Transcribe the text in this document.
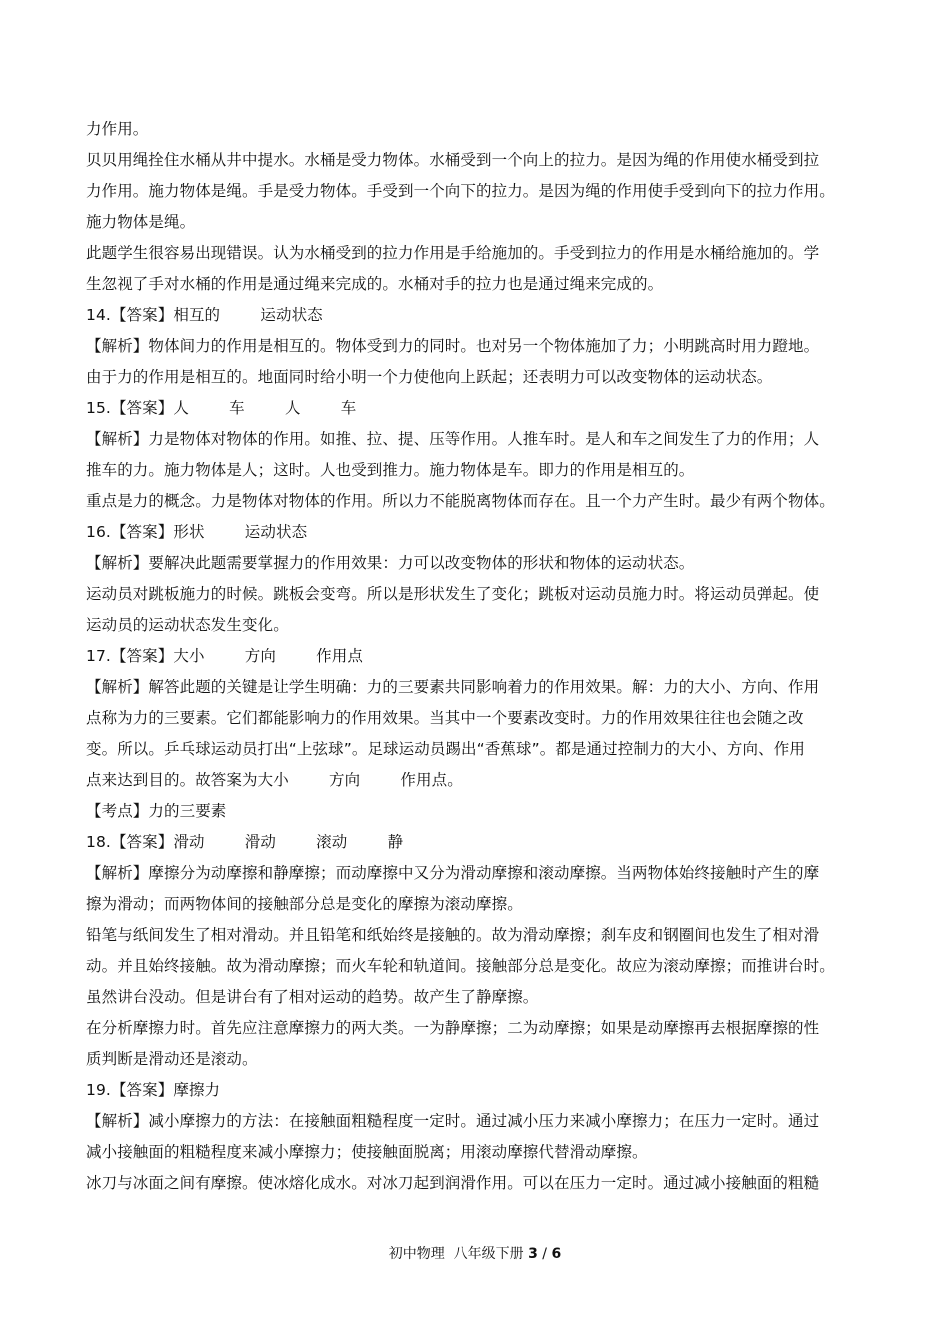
力作用。
贝贝用绳拴住水桶从井中提水。水桶是受力物体。水桶受到一个向上的拉力。是因为绳的作用使水桶受到拉
力作用。施力物体是绳。手是受力物体。手受到一个向下的拉力。是因为绳的作用使手受到向下的拉力作用。
施力物体是绳。
此题学生很容易出现错误。认为水桶受到的拉力作用是手给施加的。手受到拉力的作用是水桶给施加的。学
生忽视了手对水桶的作用是通过绳来完成的。水桶对手的拉力也是通过绳来完成的。
14.【答案】相互的        运动状态
【解析】物体间力的作用是相互的。物体受到力的同时。也对另一个物体施加了力；小明跳高时用力蹬地。
由于力的作用是相互的。地面同时给小明一个力使他向上跃起；还表明力可以改变物体的运动状态。
15.【答案】人        车        人        车
【解析】力是物体对物体的作用。如推、拉、提、压等作用。人推车时。是人和车之间发生了力的作用；人
推车的力。施力物体是人；这时。人也受到推力。施力物体是车。即力的作用是相互的。
重点是力的概念。力是物体对物体的作用。所以力不能脱离物体而存在。且一个力产生时。最少有两个物体。
16.【答案】形状        运动状态
【解析】要解决此题需要掌握力的作用效果：力可以改变物体的形状和物体的运动状态。
运动员对跳板施力的时候。跳板会变弯。所以是形状发生了变化；跳板对运动员施力时。将运动员弹起。使
运动员的运动状态发生变化。
17.【答案】大小        方向        作用点
【解析】解答此题的关键是让学生明确：力的三要素共同影响着力的作用效果。解：力的大小、方向、作用
点称为力的三要素。它们都能影响力的作用效果。当其中一个要素改变时。力的作用效果往往也会随之改
变。所以。乒乓球运动员打出“上弦球”。足球运动员踢出“香蕉球”。都是通过控制力的大小、方向、作用
点来达到目的。故答案为大小        方向        作用点。
【考点】力的三要素
18.【答案】滑动        滑动        滚动        静
【解析】摩擦分为动摩擦和静摩擦；而动摩擦中又分为滑动摩擦和滚动摩擦。当两物体始终接触时产生的摩
擦为滑动；而两物体间的接触部分总是变化的摩擦为滚动摩擦。
铅笔与纸间发生了相对滑动。并且铅笔和纸始终是接触的。故为滑动摩擦；刹车皮和钢圈间也发生了相对滑
动。并且始终接触。故为滑动摩擦；而火车轮和轨道间。接触部分总是变化。故应为滚动摩擦；而推讲台时。
虽然讲台没动。但是讲台有了相对运动的趋势。故产生了静摩擦。
在分析摩擦力时。首先应注意摩擦力的两大类。一为静摩擦；二为动摩擦；如果是动摩擦再去根据摩擦的性
质判断是滑动还是滚动。
19.【答案】摩擦力
【解析】减小摩擦力的方法：在接触面粗糙程度一定时。通过减小压力来减小摩擦力；在压力一定时。通过
减小接触面的粗糙程度来减小摩擦力；使接触面脱离；用滚动摩擦代替滑动摩擦。
冰刀与冰面之间有摩擦。使冰熔化成水。对冰刀起到润滑作用。可以在压力一定时。通过减小接触面的粗糙
初中物理  八年级下册 3 / 6
